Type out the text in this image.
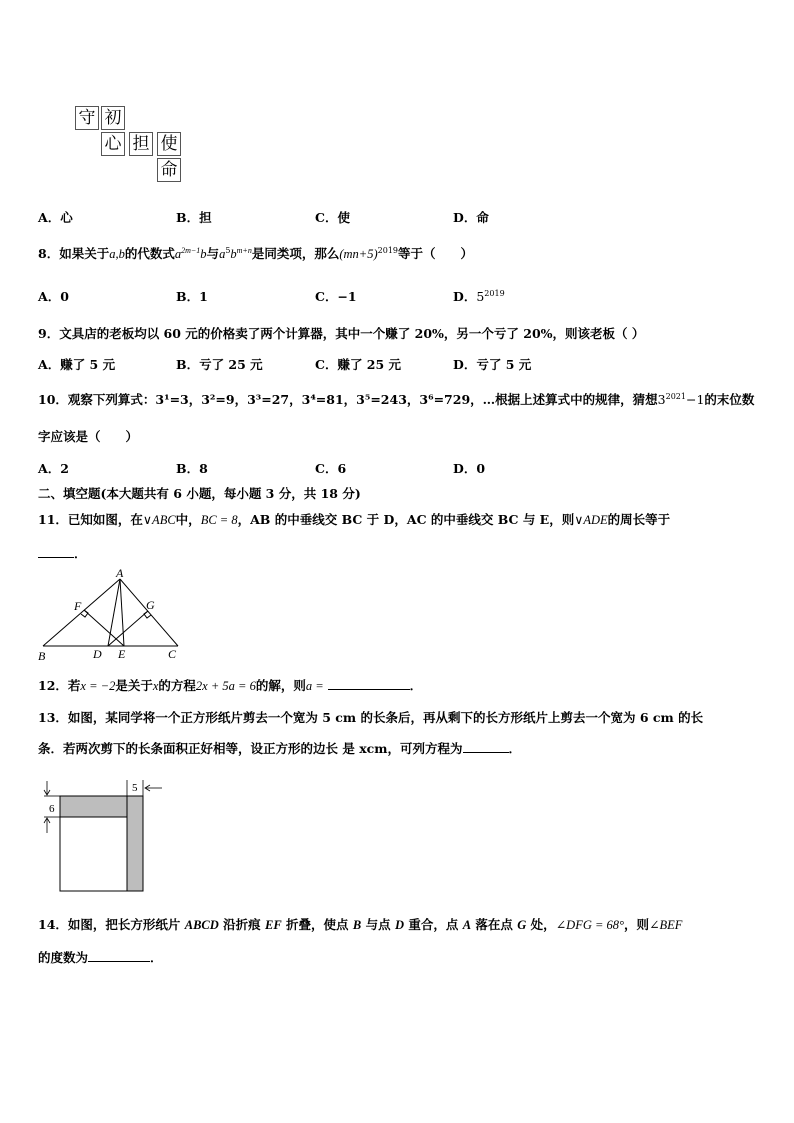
守 初
心 担 使
命
A．心	B．担	C．使	D．命
8．如果关于a,b的代数式$a^{2m-1}b$与$a^5b^{m+n}$是同类项，那么$(mn+5)^{2019}$等于（　　）
A．0	B．1	C．−1	D．$5^{2019}$
9．文具店的老板均以 60 元的价格卖了两个计算器，其中一个赚了 20%，另一个亏了 20%，则该老板（ ）
A．赚了 5 元	B．亏了 25 元	C．赚了 25 元	D．亏了 5 元
10．观察下列算式：3¹=3，3²=9，3³=27，3⁴=81，3⁵=243，3⁶=729，…根据上述算式中的规律，猜想$3^{2021}-1$的末位数
字应该是（　　）
A．2	B．8	C．6	D．0
二、填空题(本大题共有 6 小题，每小题 3 分，共 18 分)
11．已知如图，在∨ABC中，BC = 8，AB 的中垂线交 BC 于 D，AC 的中垂线交 BC 与 E，则∨ADE的周长等于
．
A
F	G
B	D E	C
12．若x = −2是关于x的方程2x + 5a = 6的解，则a =	．
13．如图，某同学将一个正方形纸片剪去一个宽为 5 cm 的长条后，再从剩下的长方形纸片上剪去一个宽为 6 cm 的长
条．若两次剪下的长条面积正好相等，设正方形的边长 是 xcm，可列方程为	．
6
5
14．如图，把长方形纸片 ABCD 沿折痕 EF 折叠，使点 B 与点 D 重合，点 A 落在点 G 处，∠DFG = 68°，则∠BEF
的度数为	．
